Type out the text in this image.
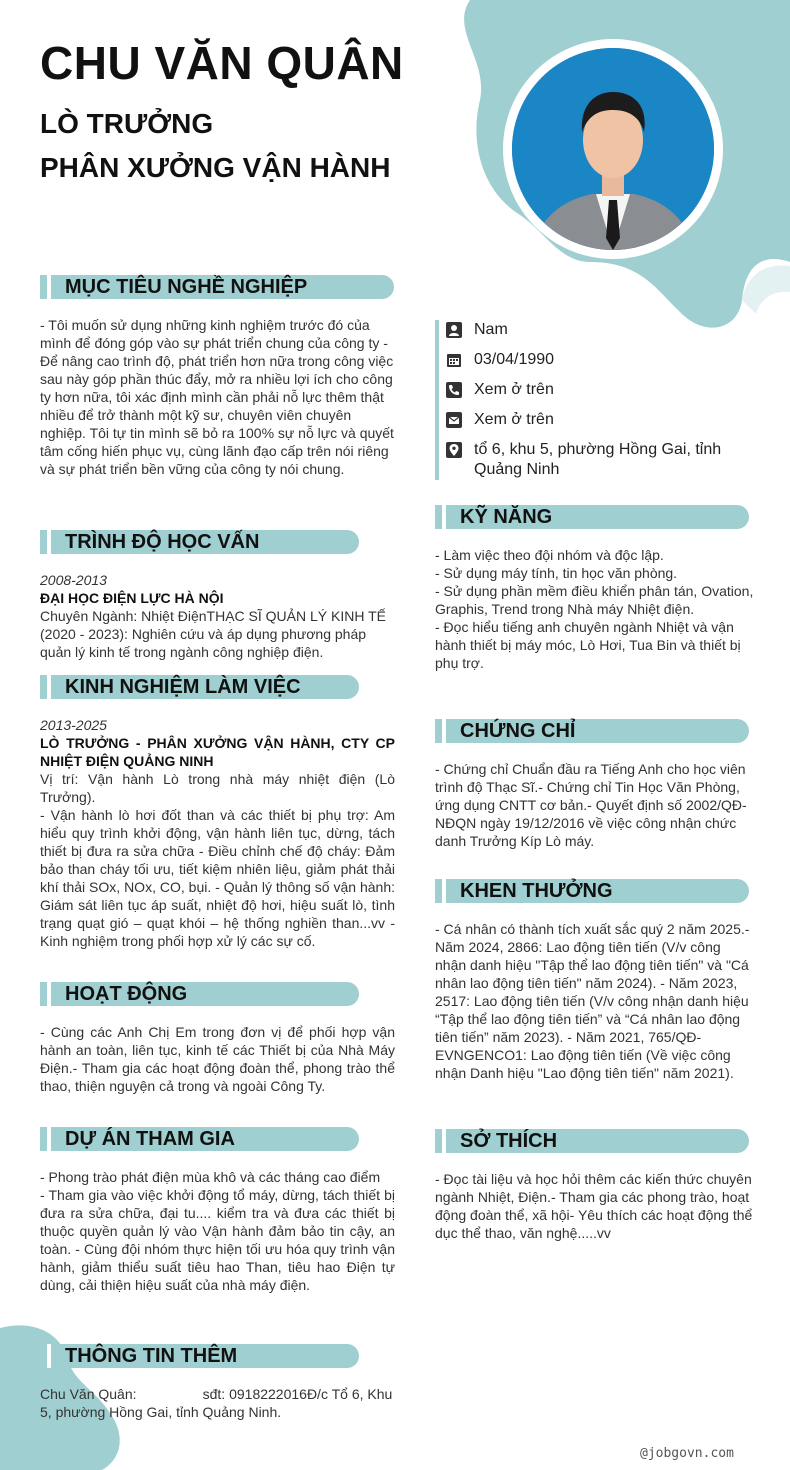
CHU VĂN QUÂN
LÒ TRƯỞNG
PHÂN XƯỞNG VẬN HÀNH
MỤC TIÊU NGHỀ NGHIỆP

- Tôi muốn sử dụng những kinh nghiệm trước đó của mình để đóng góp vào sự phát triển chung của công ty - Để nâng cao trình độ, phát triển hơn nữa trong công việc sau này góp phần thúc đẩy, mở ra nhiều lợi ích cho công ty hơn nữa, tôi xác định mình cần phải nỗ lực thêm thật nhiều để trở thành một kỹ sư, chuyên viên chuyên nghiệp. Tôi tự tin mình sẽ bỏ ra 100% sự nỗ lực và quyết tâm cống hiến phục vụ, cùng lãnh đạo cấp trên nói riêng và sự phát triển bền vững của công ty nói chung.

TRÌNH ĐỘ HỌC VẤN
2008-2013
ĐẠI HỌC ĐIỆN LỰC HÀ NỘI
Chuyên Ngành: Nhiệt ĐiệnTHẠC SĨ QUẢN LÝ KINH TẾ (2020 - 2023): Nghiên cứu và áp dụng phương pháp quản lý kinh tế trong ngành công nghiệp điện.
KINH NGHIỆM LÀM VIỆC
2013-2025
LÒ TRƯỞNG - PHÂN XƯỞNG VẬN HÀNH, CTY CP NHIỆT ĐIỆN QUẢNG NINH
Vị trí: Vận hành Lò trong nhà máy nhiệt điện (Lò Trưởng).
- Vận hành lò hơi đốt than và các thiết bị phụ trợ: Am hiểu quy trình khởi động, vận hành liên tục, dừng, tách thiết bị đưa ra sửa chữa - Điều chỉnh chế độ cháy: Đảm bảo than cháy tối ưu, tiết kiệm nhiên liệu, giảm phát thải khí thải SOx, NOx, CO, bụi. - Quản lý thông số vận hành: Giám sát liên tục áp suất, nhiệt độ hơi, hiệu suất lò, tình trạng quạt gió – quạt khói – hệ thống nghiền than...vv - Kinh nghiệm trong phối hợp xử lý các sự cố.
HOẠT ĐỘNG

- Cùng các Anh Chị Em trong đơn vị để phối hợp vận hành an toàn, liên tục, kinh tế các Thiết bị của Nhà Máy Điện.- Tham gia các hoạt động đoàn thể, phong trào thể thao, thiện nguyện cả trong và ngoài Công Ty.

DỰ ÁN THAM GIA

- Phong trào phát điện mùa khô và các tháng cao điểm
- Tham gia vào việc khởi động tổ máy, dừng, tách thiết bị đưa ra sửa chữa, đại tu.... kiểm tra và đưa các thiết bị thuộc quyền quản lý vào Vận hành đảm bảo tin cậy, an toàn. - Cùng đội nhóm thực hiện tối ưu hóa quy trình vận hành, giảm thiểu suất tiêu hao Than, tiêu hao Điện tự dùng, cải thiện hiệu suất của nhà máy điện.

THÔNG TIN THÊM

Chu Văn Quân:                 sđt: 0918222016Đ/c Tổ 6, Khu 5, phường Hồng Gai, tỉnh Quảng Ninh.

Nam
03/04/1990
Xem ở trên
Xem ở trên
tổ 6, khu 5, phường Hồng Gai, tỉnh Quảng Ninh
KỸ NĂNG

- Làm việc theo đội nhóm và độc lập.
- Sử dụng máy tính, tin học văn phòng.
- Sử dụng phần mềm điều khiển phân tán, Ovation, Graphis, Trend trong Nhà máy Nhiệt điện.
- Đọc hiểu tiếng anh chuyên ngành Nhiệt và vận hành thiết bị máy móc, Lò Hơi, Tua Bin và thiết bị phụ trợ.

CHỨNG CHỈ

- Chứng chỉ Chuẩn đầu ra Tiếng Anh cho học viên trình độ Thạc Sĩ.- Chứng chỉ Tin Học Văn Phòng, ứng dụng CNTT cơ bản.- Quyết định số 2002/QĐ-NĐQN ngày 19/12/2016 về việc công nhận chức danh Trưởng Kíp Lò máy.

KHEN THƯỞNG

- Cá nhân có thành tích xuất sắc quý 2 năm 2025.- Năm 2024, 2866: Lao động tiên tiến (V/v công nhận danh hiệu "Tập thể lao động tiên tiến" và "Cá nhân lao động tiên tiến" năm 2024). - Năm 2023, 2517: Lao động tiên tiến (V/v công nhận danh hiệu “Tập thể lao động tiên tiến” và “Cá nhân lao động tiên tiến” năm 2023). - Năm 2021, 765/QĐ-EVNGENCO1: Lao động tiên tiến (Về việc công nhận Danh hiệu "Lao động tiên tiến" năm 2021).

SỞ THÍCH

- Đọc tài liệu và học hỏi thêm các kiến thức chuyên ngành Nhiệt, Điện.- Tham gia các phong trào, hoạt động đoàn thể, xã hội- Yêu thích các hoạt động thể dục thể thao, văn nghệ.....vv

@jobgovn.com
